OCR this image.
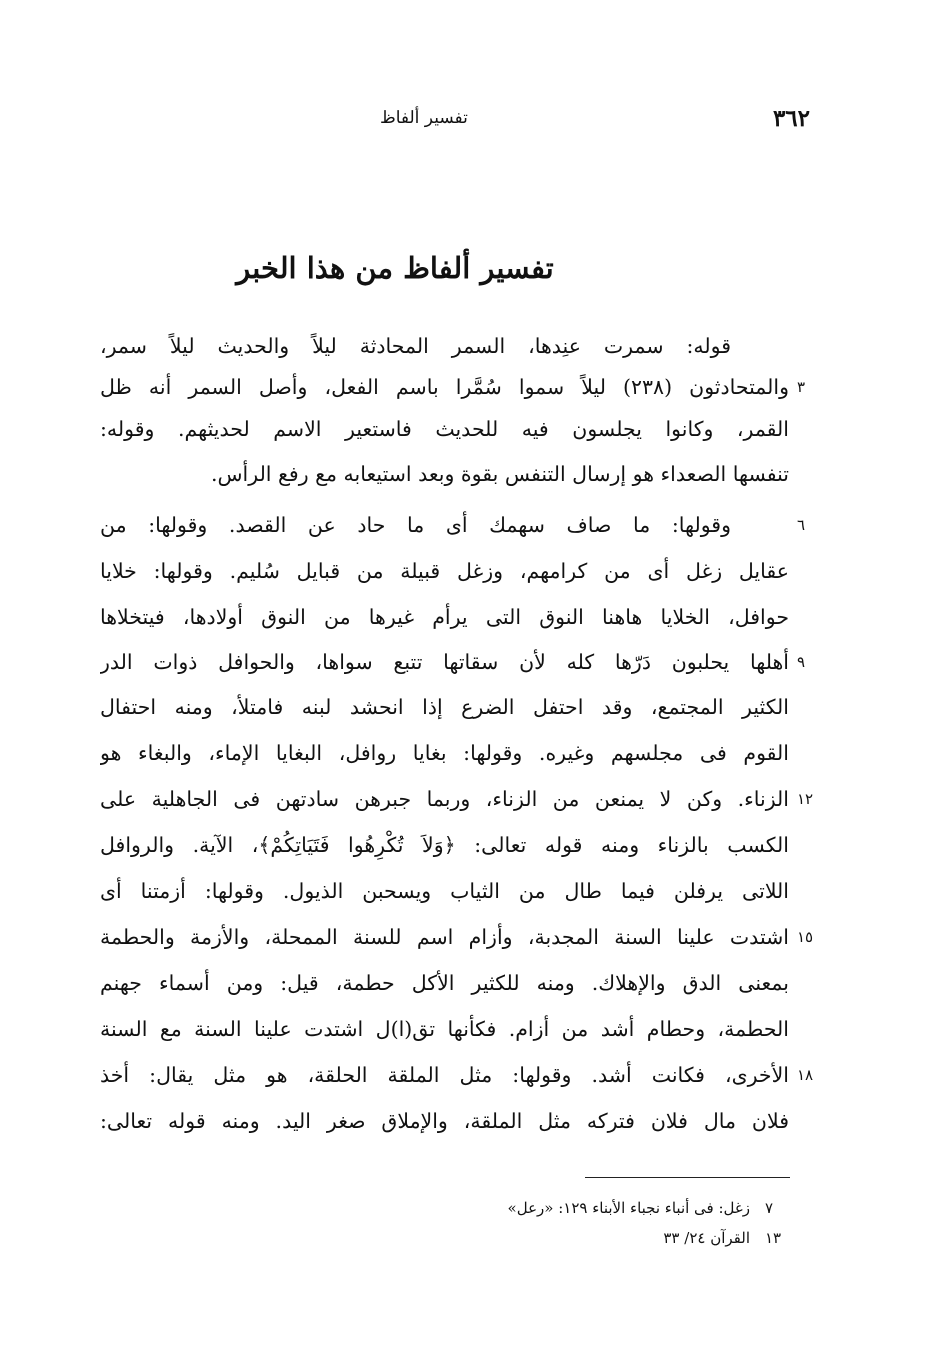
٣٦٢
تفسير ألفاظ
تفسير ألفاظ من هذا الخبر
قوله: سمرت عنِدها، السمر المحادثة ليلاً والحديث ليلاً سمر،
والمتحادثون (٢٣٨) ليلاً سموا سُمَّرا باسم الفعل، وأصل السمر أنه ظل
القمر، وكانوا يجلسون فيه للحديث فاستعير الاسم لحديثهم. وقوله:
تنفسها الصعداء هو إرسال التنفس بقوة وبعد استيعابه مع رفع الرأس.
وقولها: ما صاف سهمك أى ما حاد عن القصد. وقولها: من
عقايل زغل أى من كرامهم، وزغل قبيلة من قبايل سُليم. وقولها: خلايا
حوافل، الخلايا هاهنا النوق التى يرأم غيرها من النوق أولادها، فيتخلاها
أهلها يحلبون دَرّها كله لأن سقاتها تتبع سواها، والحوافل ذوات الدر
الكثير المجتمع، وقد احتفل الضرع إذا انحشد لبنه فامتلأ، ومنه احتفال
القوم فى مجلسهم وغيره. وقولها: بغايا روافل، البغايا الإماء، والبغاء هو
الزناء. وكن لا يمنعن من الزناء، وربما جبرهن سادتهن فى الجاهلية على
الكسب بالزناء ومنه قوله تعالى: ﴿وَلاَ تُكْرِهُوا فَتَيَاتِكُمْ﴾، الآية. والروافل
اللاتى يرفلن فيما طال من الثياب ويسحبن الذيول. وقولها: أزمتنا أى
اشتدت علينا السنة المجدبة، وأزام اسم للسنة الممحلة، والأزمة والحطمة
بمعنى الدق والإهلاك. ومنه للكثير الأكل حطمة، قيل: ومن أسماء جهنم
الحطمة، وحطام أشد من أزام. فكأنها تق(ا)ل اشتدت علينا السنة مع السنة
الأخرى، فكانت أشد. وقولها: مثل الملقة الحلقة، هو مثل يقال: أخذ
فلان مال فلان فتركه مثل الملقة، والإملاق صغر اليد. ومنه قوله تعالى:
٣
٦
٩
١٢
١٥
١٨
٧
زغل: فى أنباء نجباء الأبناء ١٢٩: «رعل»
١٣
القرآن ٢٤/ ٣٣
